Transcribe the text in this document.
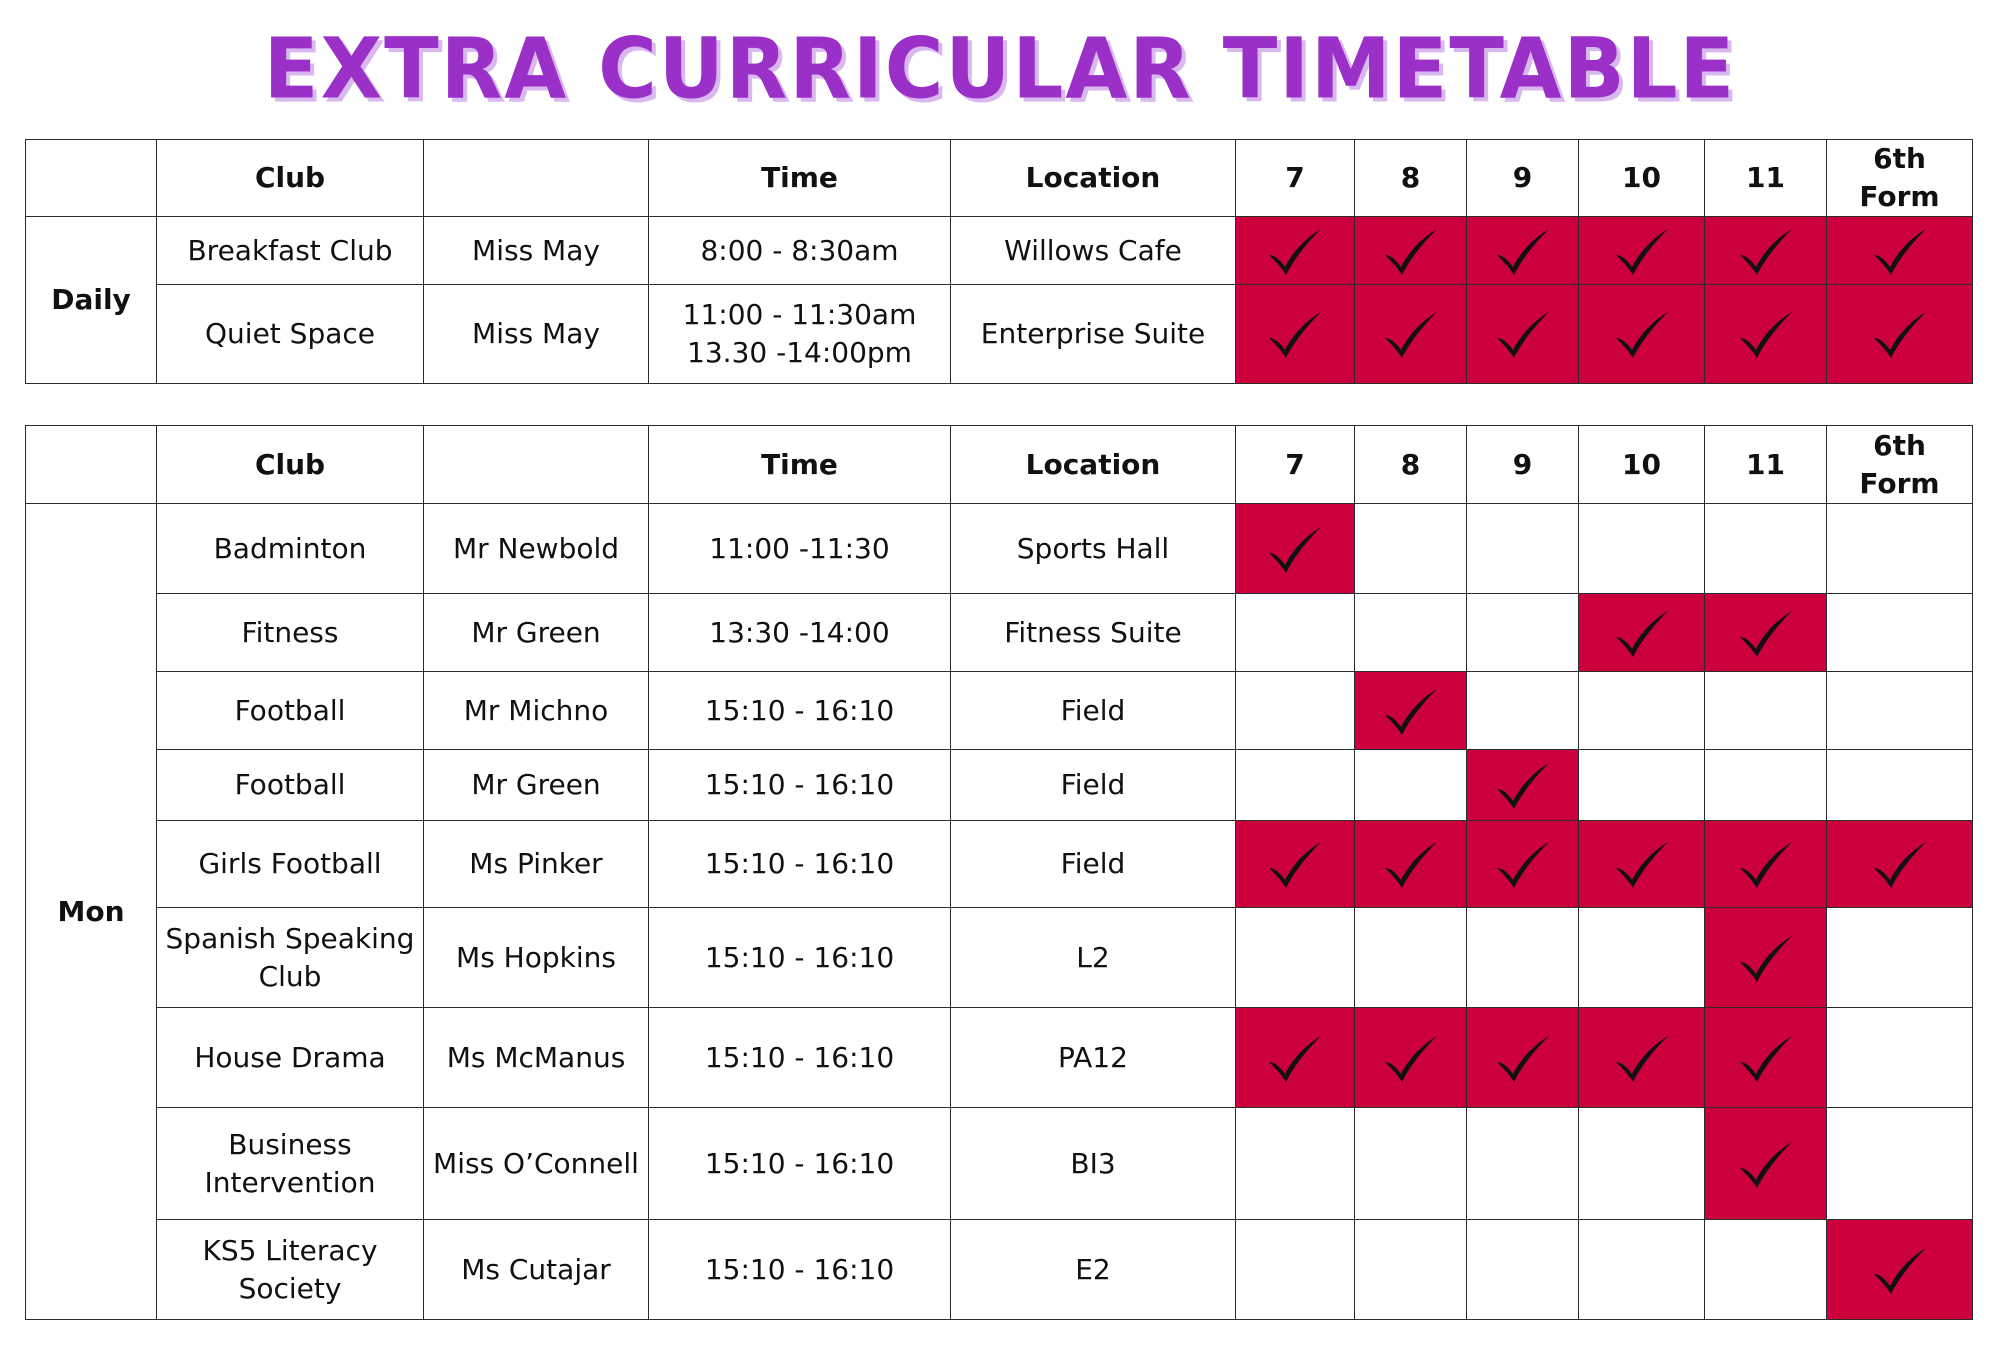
EXTRA CURRICULAR TIMETABLE
	Club		Time	Location	7	8	9	10	11	6th Form
Daily	Breakfast Club	Miss May	8:00 - 8:30am	Willows Cafe	

	Quiet Space	Miss May	11:00 - 11:30am
13.30 -14:00pm	Enterprise Suite	

	Club		Time	Location	7	8	9	10	11	6th Form
Mon	Badminton	Mr Newbold	11:00 -11:30	Sports Hall	

	Fitness	Mr Green	13:30 -14:00	Fitness Suite				

	Football	Mr Michno	15:10 - 16:10	Field		

	Football	Mr Green	15:10 - 16:10	Field			

	Girls Football	Ms Pinker	15:10 - 16:10	Field	

	Spanish Speaking Club	Ms Hopkins	15:10 - 16:10	L2					

	House Drama	Ms McManus	15:10 - 16:10	PA12	

	Business Intervention	Miss O’Connell	15:10 - 16:10	BI3					

	KS5 Literacy Society	Ms Cutajar	15:10 - 16:10	E2						
